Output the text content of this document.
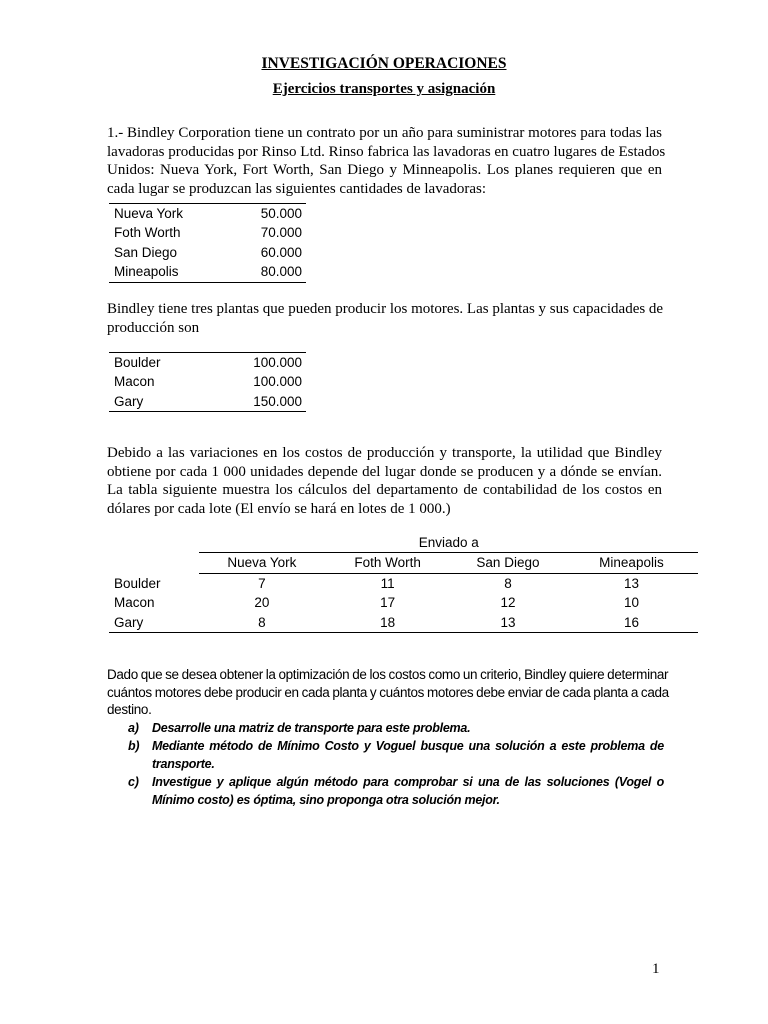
INVESTIGACIÓN OPERACIONES
Ejercicios transportes y asignación
1.- Bindley Corporation tiene un contrato por un año para suministrar motores para todas las
lavadoras producidas por Rinso Ltd. Rinso fabrica las lavadoras en cuatro lugares de Estados
Unidos: Nueva York, Fort Worth, San Diego y Minneapolis. Los planes requieren que en
cada lugar se produzcan las siguientes cantidades de lavadoras:
Nueva York	50.000
Foth Worth	70.000
San Diego	60.000
Mineapolis	80.000
Bindley tiene tres plantas que pueden producir los motores. Las plantas y sus capacidades de
producción son
Boulder	100.000
Macon	100.000
Gary	150.000
Debido a las variaciones en los costos de producción y transporte, la utilidad que Bindley
obtiene por cada 1 000 unidades depende del lugar donde se producen y a dónde se envían.
La tabla siguiente muestra los cálculos del departamento de contabilidad de los costos en
dólares por cada lote (El envío se hará en lotes de 1 000.)
	Enviado a			
	Nueva York	Foth Worth	San Diego	Mineapolis
Boulder	7	11	8	13
Macon	20	17	12	10
Gary	8	18	13	16
Dado que se desea obtener la optimización de los costos como un criterio, Bindley quiere determinar
cuántos motores debe producir en cada planta y cuántos motores debe enviar de cada planta a cada
destino.
a) Desarrolle una matriz de transporte para este problema.
b) Mediante método de Mínimo Costo y Voguel busque una solución a este problema de transporte.
c) Investigue y aplique algún método para comprobar si una de las soluciones (Vogel o Mínimo costo) es óptima, sino proponga otra solución mejor.
1
